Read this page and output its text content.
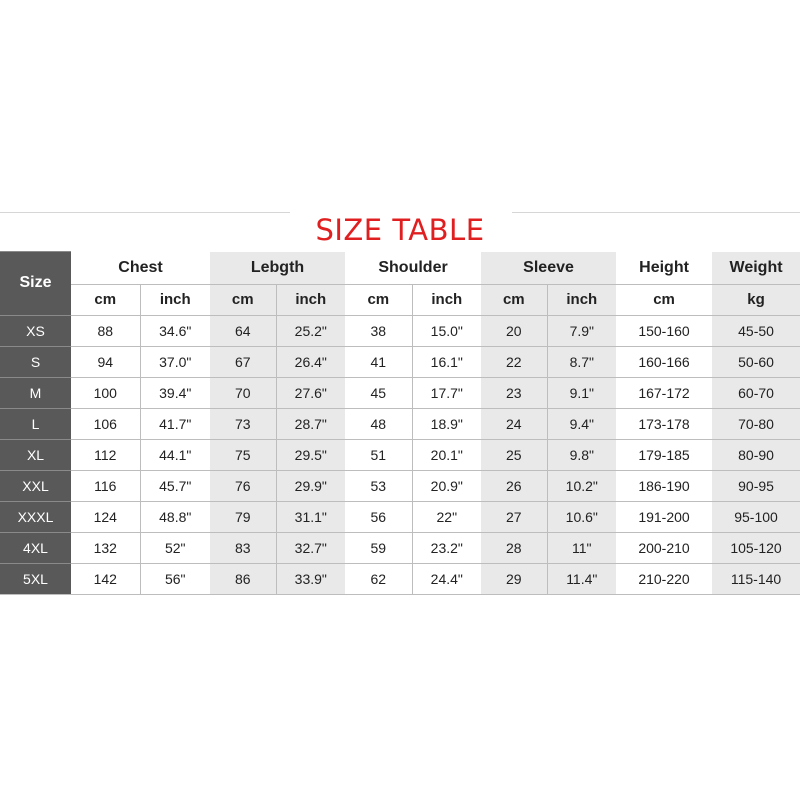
SIZE TABLE
Size	Chest		Lebgth		Shoulder		Sleeve		Height	Weight
	cm	inch	cm	inch	cm	inch	cm	inch	cm	kg
XS	88	34.6"	64	25.2"	38	15.0"	20	7.9"	150-160	45-50
S	94	37.0"	67	26.4"	41	16.1"	22	8.7"	160-166	50-60
M	100	39.4"	70	27.6"	45	17.7"	23	9.1"	167-172	60-70
L	106	41.7"	73	28.7"	48	18.9"	24	9.4"	173-178	70-80
XL	112	44.1"	75	29.5"	51	20.1"	25	9.8"	179-185	80-90
XXL	116	45.7"	76	29.9"	53	20.9"	26	10.2"	186-190	90-95
XXXL	124	48.8"	79	31.1"	56	22"	27	10.6"	191-200	95-100
4XL	132	52"	83	32.7"	59	23.2"	28	11"	200-210	105-120
5XL	142	56"	86	33.9"	62	24.4"	29	11.4"	210-220	115-140
